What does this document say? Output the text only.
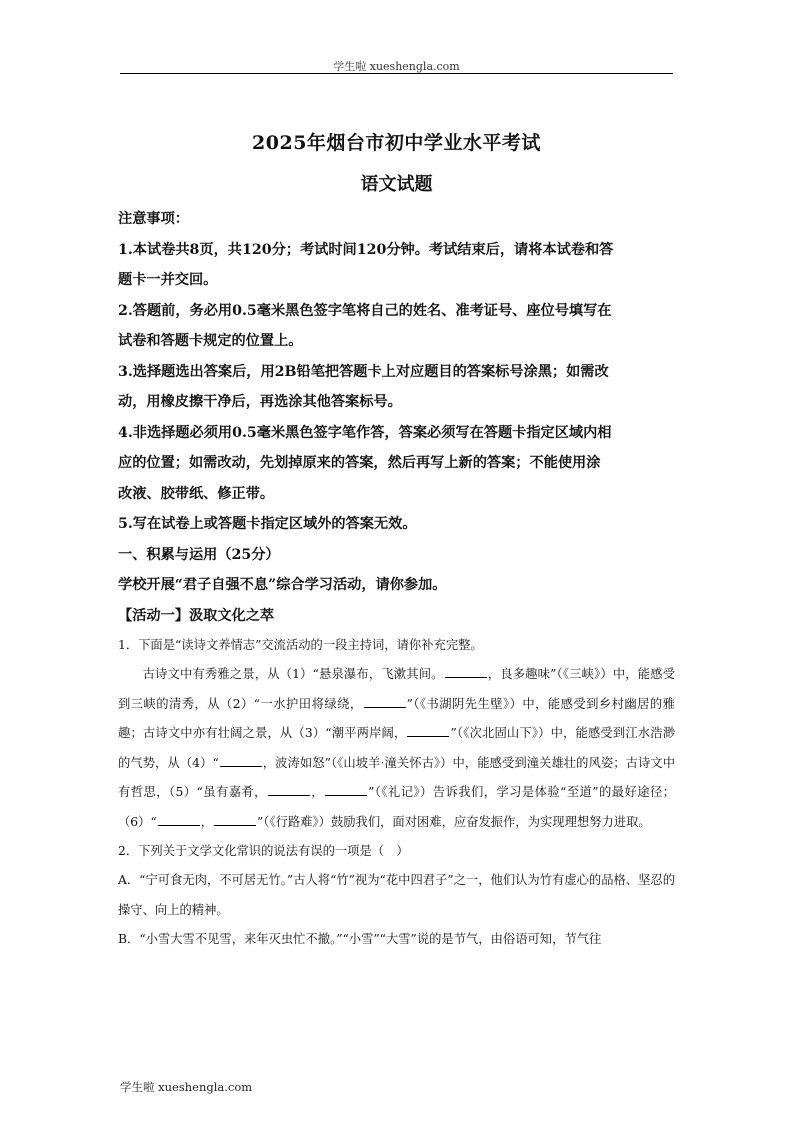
学生啦 xueshengla.com
2025年烟台市初中学业水平考试
语文试题

注意事项：

1.本试卷共8页，共120分；考试时间120分钟。考试结束后，请将本试卷和答

题卡一并交回。

2.答题前，务必用0.5毫米黑色签字笔将自己的姓名、准考证号、座位号填写在

试卷和答题卡规定的位置上。

3.选择题选出答案后，用2B铅笔把答题卡上对应题目的答案标号涂黑；如需改

动，用橡皮擦干净后，再选涂其他答案标号。

4.非选择题必须用0.5毫米黑色签字笔作答，答案必须写在答题卡指定区域内相

应的位置；如需改动，先划掉原来的答案，然后再写上新的答案；不能使用涂

改液、胶带纸、修正带。

5.写在试卷上或答题卡指定区域外的答案无效。

一、积累与运用（25分）

学校开展“君子自强不息”综合学习活动，请你参加。

【活动一】汲取文化之萃

1．下面是“读诗文养情志”交流活动的一段主持词，请你补充完整。

古诗文中有秀雅之景，从（1）“悬泉瀑布，飞漱其间。	，良多趣味”（《三峡》）中，能感受到三峡的清秀，从（2）“一水护田将绿绕，	”（《书湖阴先生壁》）中，能感受到乡村幽居的雅趣；古诗文中亦有壮阔之景，从（3）“潮平两岸阔，	”（《次北固山下》）中，能感受到江水浩渺的气势，从（4）“	，波涛如怒”（《山坡羊·潼关怀古》）中，能感受到潼关雄壮的风姿；古诗文中有哲思，（5）“虽有嘉肴，	，	”（《礼记》）告诉我们，学习是体验“至道”的最好途径；（6）“	，	”（《行路难》）鼓励我们，面对困难，应奋发振作，为实现理想努力进取。

2．下列关于文学文化常识的说法有误的一项是（　）

A．“宁可食无肉，不可居无竹。”古人将“竹”视为“花中四君子”之一，他们认为竹有虚心的品格、坚忍的操守、向上的精神。

B．“小雪大雪不见雪，来年灭虫忙不撤。”“小雪”“大雪”说的是节气，由俗语可知，节气往

学生啦 xueshengla.com
